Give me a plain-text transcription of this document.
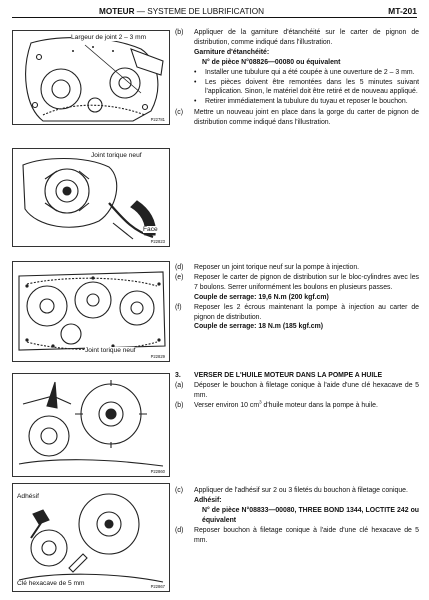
MOTEUR — SYSTEME DE LUBRIFICATION	MT-201
Largeur de joint 2 – 3 mm
P22781
Joint torique neuf
Face
P22823
Joint torique neuf
P22829
P22860
Adhésif
Clé hexacave de 5 mm	P22867
(b)	Appliquer de la garniture d'étanchéité sur le carter de pignon de distribution, comme indiqué dans l'illustration.
Garniture d'étanchéité:
N° de pièce N°08826—00080 ou équivalent
•	Installer une tubulure qui a été coupée à une ouverture de 2 – 3 mm.
•	Les pièces doivent être remontées dans les 5 minutes suivant l'application. Sinon, le matériel doit être retiré et de nouveau appliqué.
•	Retirer immédiatement la tubulure du tuyau et reposer le bouchon.
(c)	Mettre un nouveau joint en place dans la gorge du carter de pignon de distribution comme indiqué dans l'illustration.
(d)	Reposer un joint torique neuf sur la pompe à injection.
(e)	Reposer le carter de pignon de distribution sur le bloc-cylindres avec les 7 boulons. Serrer uniformément les boulons en plusieurs passes.
Couple de serrage: 19,6 N.m (200 kgf.cm)
(f)	Reposer les 2 écrous maintenant la pompe à injection au carter de pignon de distribution.
Couple de serrage: 18 N.m (185 kgf.cm)
3.	VERSER DE L'HUILE MOTEUR DANS LA POMPE A HUILE
(a)	Déposer le bouchon à filetage conique à l'aide d'une clé hexacave de 5 mm.
(b)	Verser environ 10 $cm^3$ d'huile moteur dans la pompe à huile.
(c)	Appliquer de l'adhésif sur 2 ou 3 filetés du bouchon à filetage conique.
Adhésif:
N° de pièce N°08833—00080, THREE BOND 1344, LOCTITE 242 ou équivalent
(d)	Reposer bouchon à filetage conique à l'aide d'une clé hexacave de 5 mm.
